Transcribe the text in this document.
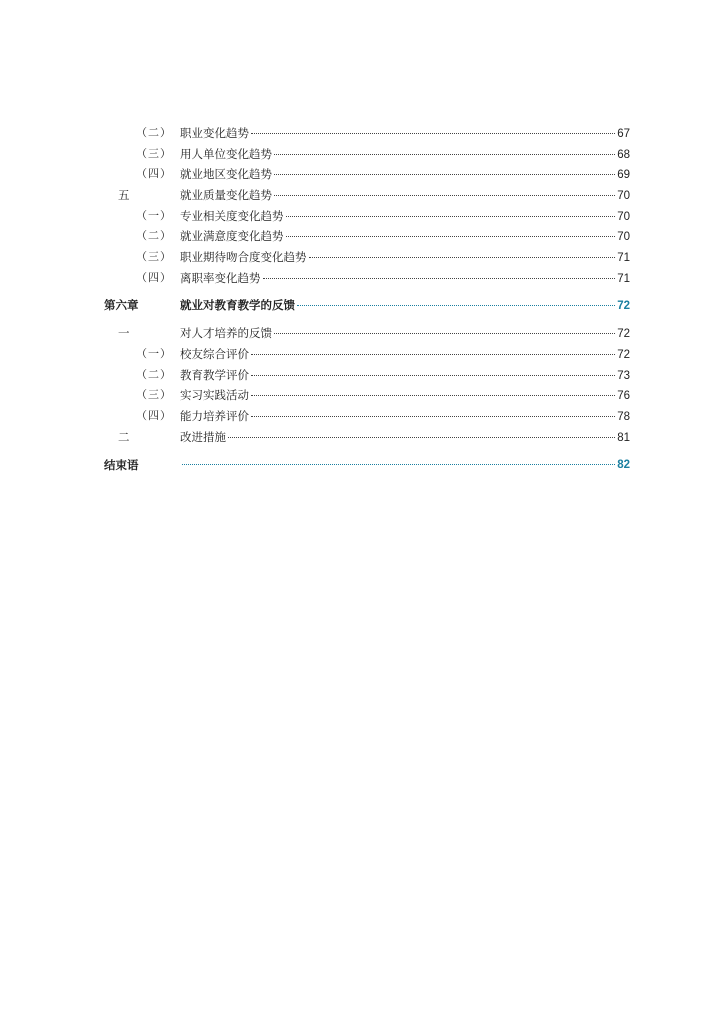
（二） 职业变化趋势	67
（三） 用人单位变化趋势	68
（四） 就业地区变化趋势	69
五	就业质量变化趋势	70
（一） 专业相关度变化趋势	70
（二） 就业满意度变化趋势	70
（三） 职业期待吻合度变化趋势	71
（四） 离职率变化趋势	71
第六章	就业对教育教学的反馈	72
一	对人才培养的反馈	72
（一） 校友综合评价	72
（二） 教育教学评价	73
（三） 实习实践活动	76
（四） 能力培养评价	78
二	改进措施	81
结束语	82
